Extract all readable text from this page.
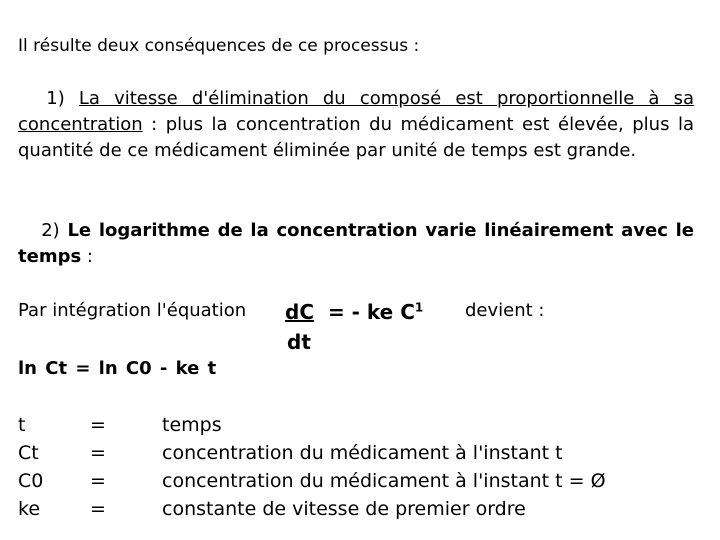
Il résulte deux conséquences de ce processus :
1) La vitesse d'élimination du composé est proportionnelle à sa concentration : plus la concentration du médicament est élevée, plus la quantité de ce médicament éliminée par unité de temps est grande.
2) Le logarithme de la concentration varie linéairement avec le temps :
Par intégration l'équation dC = - ke $C^1$
dt
devient :
ln Ct = ln C0 - ke t
t	=	temps
Ct	=	concentration du médicament à l'instant t
C0	=	concentration du médicament à l'instant t = Ø
ke	=	constante de vitesse de premier ordre
